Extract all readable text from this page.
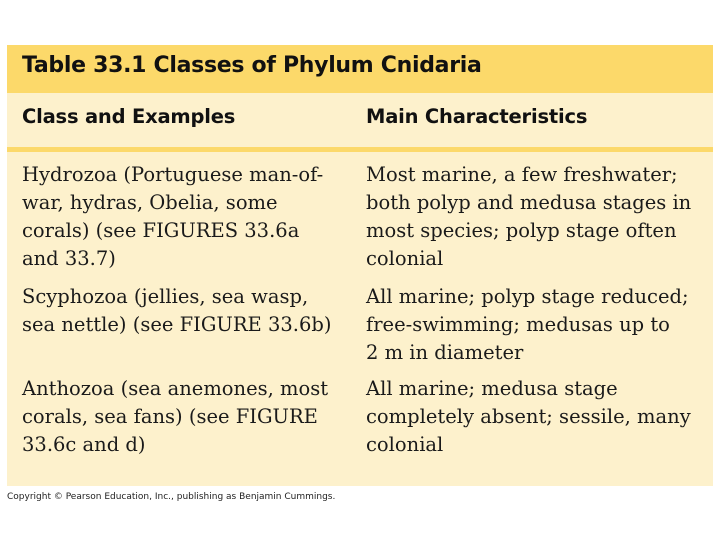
Table 33.1 Classes of Phylum Cnidaria
Class and Examples	Main Characteristics
Hydrozoa (Portuguese man-of-
war, hydras, Obelia, some
corals) (see FIGURES 33.6a
and 33.7)
Most marine, a few freshwater;
both polyp and medusa stages in
most species; polyp stage often
colonial
Scyphozoa (jellies, sea wasp,
sea nettle) (see FIGURE 33.6b)
All marine; polyp stage reduced;
free-swimming; medusas up to
2 m in diameter
Anthozoa (sea anemones, most
corals, sea fans) (see FIGURE
33.6c and d)
All marine; medusa stage
completely absent; sessile, many
colonial
Copyright © Pearson Education, Inc., publishing as Benjamin Cummings.
